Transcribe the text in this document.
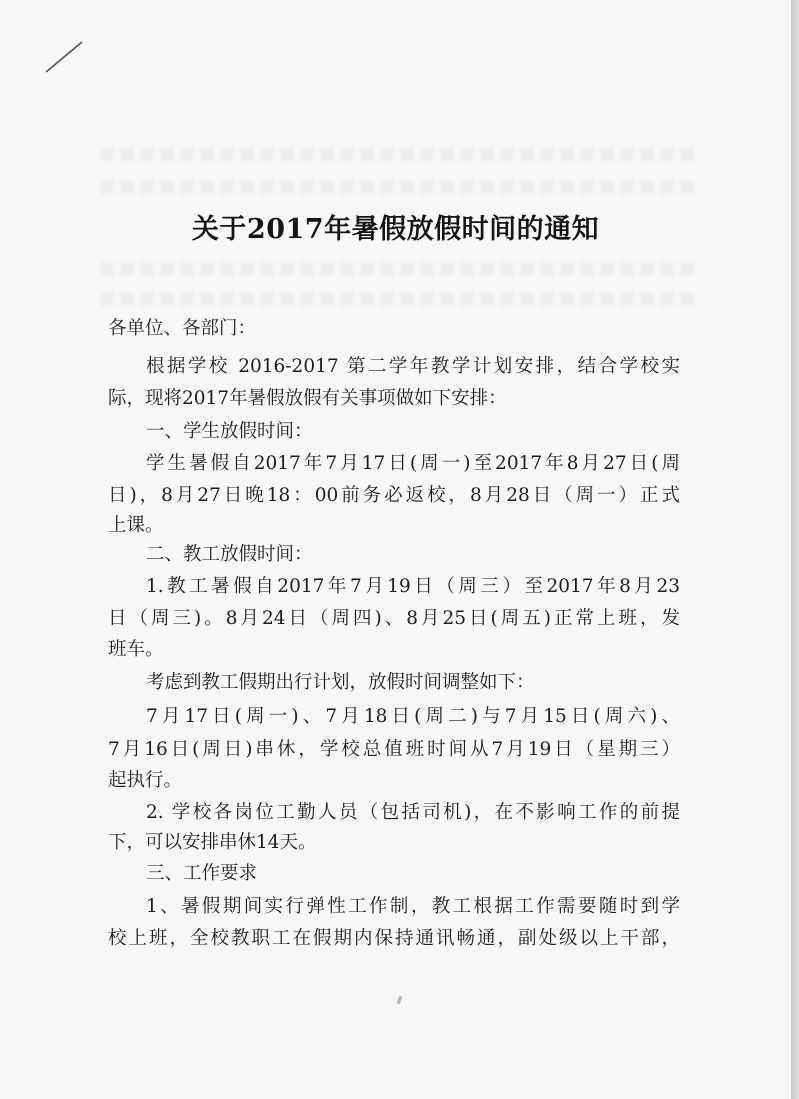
关于2017年暑假放假时间的通知

各单位、各部门：

根据学校 2016-2017 第二学年教学计划安排，结合学校实

际，现将2017年暑假放假有关事项做如下安排：

一、学生放假时间：

学生暑假自2017年7月17日(周一)至2017年8月27日(周

日)，8月27日晚18：00前务必返校，8月28日（周一）正式

上课。

二、教工放假时间：

1.教工暑假自2017年7月19日（周三）至2017年8月23

日（周三)。8月24日（周四)、8月25日(周五)正常上班，发

班车。

考虑到教工假期出行计划，放假时间调整如下：

7月17日(周一)、7月18日(周二)与7月15日(周六)、

7月16日(周日)串休，学校总值班时间从7月19日（星期三）

起执行。

2. 学校各岗位工勤人员（包括司机)，在不影响工作的前提

下，可以安排串休14天。

三、工作要求

1、暑假期间实行弹性工作制，教工根据工作需要随时到学

校上班，全校教职工在假期内保持通讯畅通，副处级以上干部，
